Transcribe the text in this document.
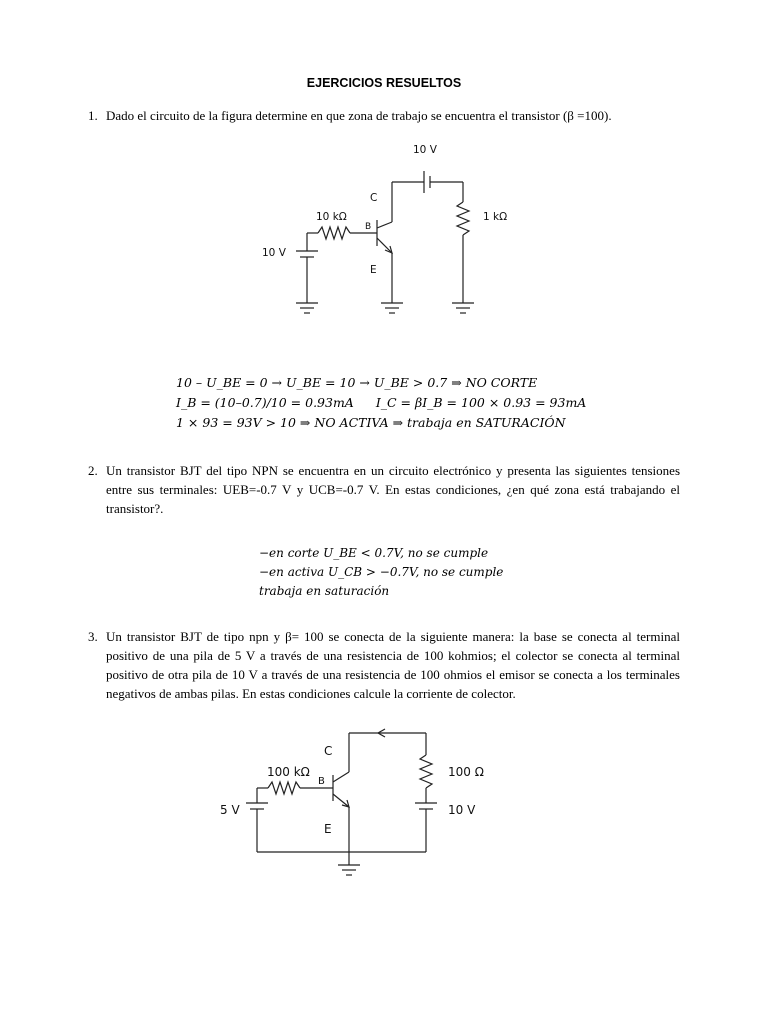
EJERCICIOS RESUELTOS
1. Dado el circuito de la figura determine en que zona de trabajo se encuentra el transistor (β =100).
10 V
C
1 kΩ
10 kΩ
B
E
10 V
10 – U_BE = 0 → U_BE = 10 → U_BE > 0.7 ⇒ NO CORTE
I_B = (10–0.7)/10 = 0.93mA I_C = βI_B = 100 × 0.93 = 93mA
1 × 93 = 93V > 10 ⇒ NO ACTIVA ⇒ trabaja en SATURACIÓN
2. Un transistor BJT del tipo NPN se encuentra en un circuito electrónico y presenta las siguientes tensiones entre sus terminales: UEB=-0.7 V y UCB=-0.7 V. En estas condiciones, ¿en qué zona está trabajando el transistor?.
−en corte U_BE < 0.7V, no se cumple
−en activa U_CB > −0.7V, no se cumple
trabaja en saturación
3. Un transistor BJT de tipo npn y β= 100 se conecta de la siguiente manera: la base se conecta al terminal positivo de una pila de 5 V a través de una resistencia de 100 kohmios; el colector se conecta al terminal positivo de otra pila de 10 V a través de una resistencia de 100 ohmios el emisor se conecta a los terminales negativos de ambas pilas. En estas condiciones calcule la corriente de colector.
C
100 Ω
10 V
100 kΩ
B
E
5 V
